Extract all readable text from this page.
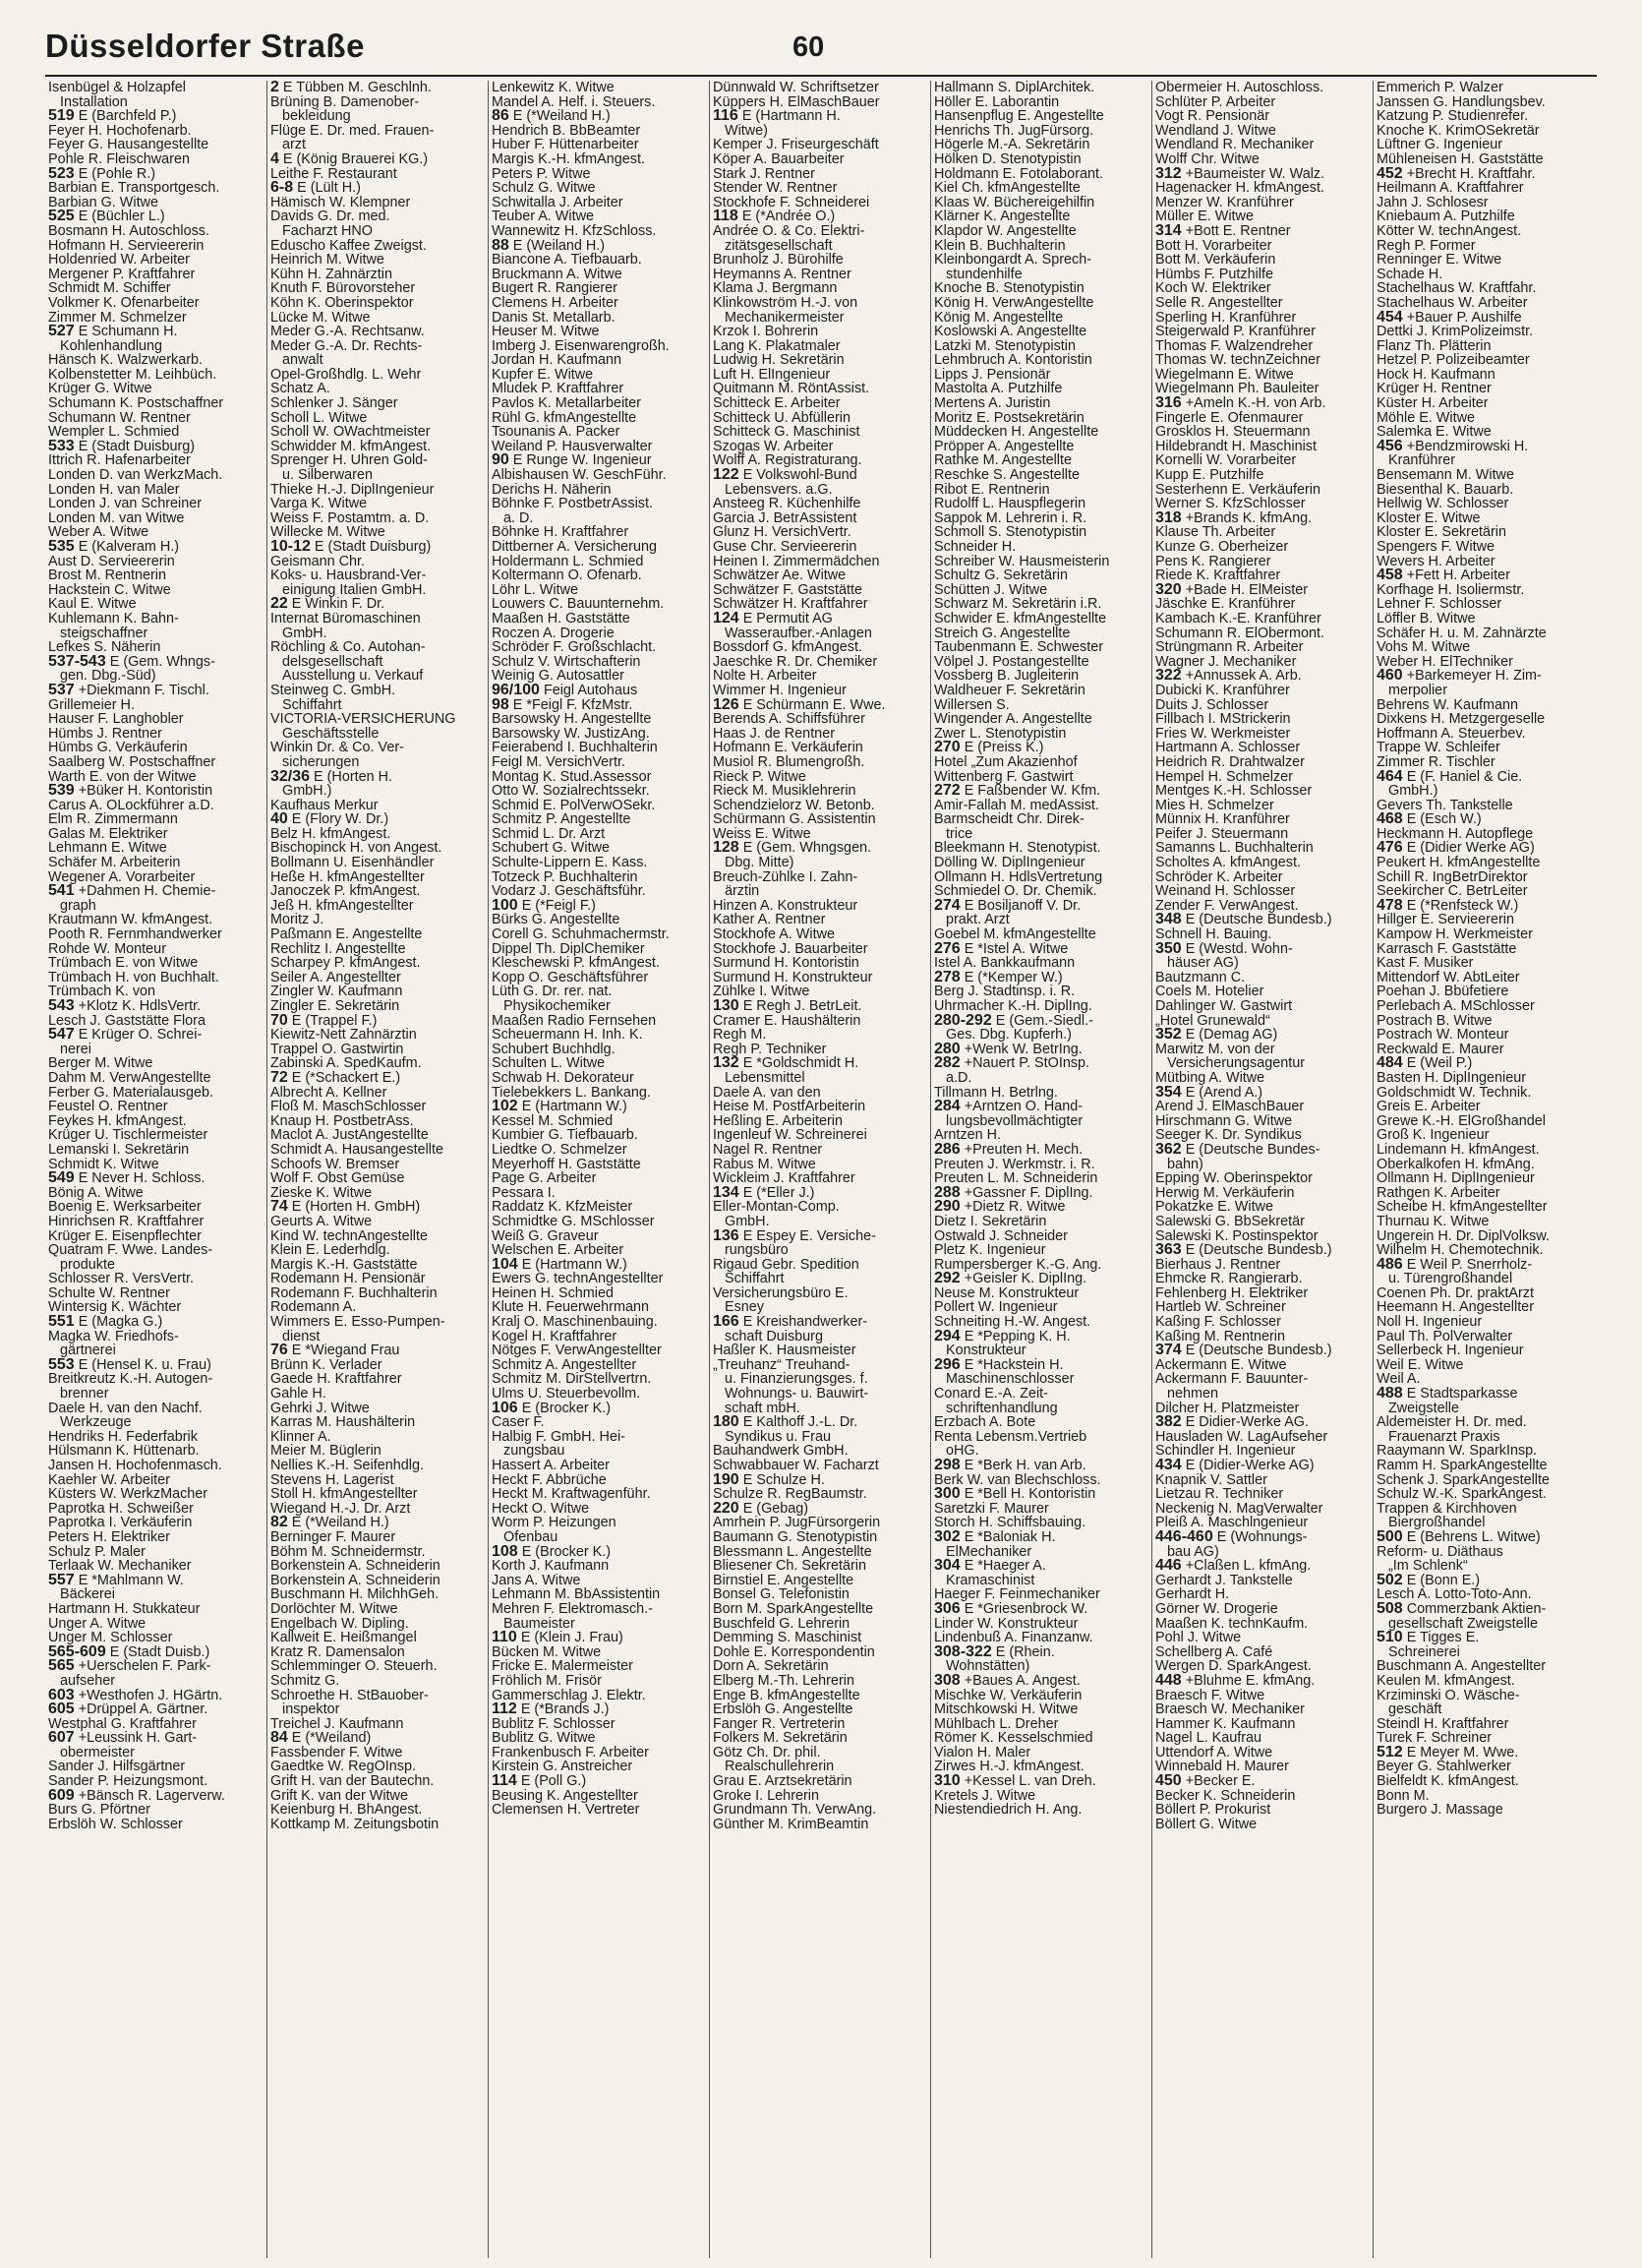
Düsseldorfer Straße	60
Isenbügel & Holzapfel
Installation
519 E (Barchfeld P.)
Feyer H. Hochofenarb.
Feyer G. Hausangestellte
Pohle R. Fleischwaren
523 E (Pohle R.)
Barbian E. Transportgesch.
Barbian G. Witwe
525 E (Büchler L.)
Bosmann H. Autoschloss.
Hofmann H. Servieererin
Holdenried W. Arbeiter
Mergener P. Kraftfahrer
Schmidt M. Schiffer
Volkmer K. Ofenarbeiter
Zimmer M. Schmelzer
527 E Schumann H.
Kohlenhandlung
Hänsch K. Walzwerkarb.
Kolbenstetter M. Leihbüch.
Krüger G. Witwe
Schumann K. Postschaffner
Schumann W. Rentner
Wempler L. Schmied
533 E (Stadt Duisburg)
Ittrich R. Hafenarbeiter
Londen D. van WerkzMach.
Londen H. van Maler
Londen J. van Schreiner
Londen M. van Witwe
Weber A. Witwe
535 E (Kalveram H.)
Aust D. Servieererin
Brost M. Rentnerin
Hackstein C. Witwe
Kaul E. Witwe
Kuhlemann K. Bahn-
steigschaffner
Lefkes S. Näherin
537-543 E (Gem. Whngs-
gen. Dbg.-Süd)
537 +Diekmann F. Tischl.
Grillemeier H.
Hauser F. Langhobler
Hümbs J. Rentner
Hümbs G. Verkäuferin
Saalberg W. Postschaffner
Warth E. von der Witwe
539 +Büker H. Kontoristin
Carus A. OLockführer a.D.
Elm R. Zimmermann
Galas M. Elektriker
Lehmann E. Witwe
Schäfer M. Arbeiterin
Wegener A. Vorarbeiter
541 +Dahmen H. Chemie-
graph
Krautmann W. kfmAngest.
Pooth R. Fernmhandwerker
Rohde W. Monteur
Trümbach E. von Witwe
Trümbach H. von Buchhalt.
Trümbach K. von
543 +Klotz K. HdlsVertr.
Lesch J. Gaststätte Flora
547 E Krüger O. Schrei-
nerei
Berger M. Witwe
Dahm M. VerwAngestellte
Ferber G. Materialausgeb.
Feustel O. Rentner
Feykes H. kfmAngest.
Krüger U. Tischlermeister
Lemanski I. Sekretärin
Schmidt K. Witwe
549 E Never H. Schloss.
Bönig A. Witwe
Boenig E. Werksarbeiter
Hinrichsen R. Kraftfahrer
Krüger E. Eisenpflechter
Quatram F. Wwe. Landes-
produkte
Schlosser R. VersVertr.
Schulte W. Rentner
Wintersig K. Wächter
551 E (Magka G.)
Magka W. Friedhofs-
gärtnerei
553 E (Hensel K. u. Frau)
Breitkreutz K.-H. Autogen-
brenner
Daele H. van den Nachf.
Werkzeuge
Hendriks H. Federfabrik
Hülsmann K. Hüttenarb.
Jansen H. Hochofenmasch.
Kaehler W. Arbeiter
Küsters W. WerkzMacher
Paprotka H. Schweißer
Paprotka I. Verkäuferin
Peters H. Elektriker
Schulz P. Maler
Terlaak W. Mechaniker
557 E *Mahlmann W.
Bäckerei
Hartmann H. Stukkateur
Unger A. Witwe
Unger M. Schlosser
565-609 E (Stadt Duisb.)
565 +Uerschelen F. Park-
aufseher
603 +Westhofen J. HGärtn.
605 +Drüppel A. Gärtner.
Westphal G. Kraftfahrer
607 +Leussink H. Gart-
obermeister
Sander J. Hilfsgärtner
Sander P. Heizungsmont.
609 +Bänsch R. Lagerverw.
Burs G. Pförtner
Erbslöh W. Schlosser
2 E Tübben M. Geschlnh.
Brüning B. Damenober-
bekleidung
Flüge E. Dr. med. Frauen-
arzt
4 E (König Brauerei KG.)
Leithe F. Restaurant
6-8 E (Lült H.)
Hämisch W. Klempner
Davids G. Dr. med.
Facharzt HNO
Eduscho Kaffee Zweigst.
Heinrich M. Witwe
Kühn H. Zahnärztin
Knuth F. Bürovorsteher
Köhn K. Oberinspektor
Lücke M. Witwe
Meder G.-A. Rechtsanw.
Meder G.-A. Dr. Rechts-
anwalt
Opel-Großhdlg. L. Wehr
Schatz A.
Schlenker J. Sänger
Scholl L. Witwe
Scholl W. OWachtmeister
Schwidder M. kfmAngest.
Sprenger H. Uhren Gold-
u. Silberwaren
Thieke H.-J. DiplIngenieur
Varga K. Witwe
Weiss F. Postamtm. a. D.
Willecke M. Witwe
10-12 E (Stadt Duisburg)
Geismann Chr.
Koks- u. Hausbrand-Ver-
einigung Italien GmbH.
22 E Winkin F. Dr.
Internat Büromaschinen
GmbH.
Röchling & Co. Autohan-
delsgesellschaft
Ausstellung u. Verkauf
Steinweg C. GmbH.
Schiffahrt
VICTORIA-VERSICHERUNG
Geschäftsstelle
Winkin Dr. & Co. Ver-
sicherungen
32/36 E (Horten H.
GmbH.)
Kaufhaus Merkur
40 E (Flory W. Dr.)
Belz H. kfmAngest.
Bischopinck H. von Angest.
Bollmann U. Eisenhändler
Heße H. kfmAngestellter
Janoczek P. kfmAngest.
Jeß H. kfmAngestellter
Moritz J.
Paßmann E. Angestellte
Rechlitz I. Angestellte
Scharpey P. kfmAngest.
Seiler A. Angestellter
Zingler W. Kaufmann
Zingler E. Sekretärin
70 E (Trappel F.)
Kiewitz-Nett Zahnärztin
Trappel O. Gastwirtin
Zabinski A. SpedKaufm.
72 E (*Schackert E.)
Albrecht A. Kellner
Floß M. MaschSchlosser
Knaup H. PostbetrAss.
Maclot A. JustAngestellte
Schmidt A. Hausangestellte
Schoofs W. Bremser
Wolf F. Obst Gemüse
Zieske K. Witwe
74 E (Horten H. GmbH)
Geurts A. Witwe
Kind W. technAngestellte
Klein E. Lederhdlg.
Margis K.-H. Gaststätte
Rodemann H. Pensionär
Rodemann F. Buchhalterin
Rodemann A.
Wimmers E. Esso-Pumpen-
dienst
76 E *Wiegand Frau
Brünn K. Verlader
Gaede H. Kraftfahrer
Gahle H.
Gehrki J. Witwe
Karras M. Haushälterin
Klinner A.
Meier M. Büglerin
Nellies K.-H. Seifenhdlg.
Stevens H. Lagerist
Stoll H. kfmAngestellter
Wiegand H.-J. Dr. Arzt
82 E (*Weiland H.)
Berninger F. Maurer
Böhm M. Schneidermstr.
Borkenstein A. Schneiderin
Borkenstein A. Schneiderin
Buschmann H. MilchhGeh.
Dorlöchter M. Witwe
Engelbach W. Dipling.
Kallweit E. Heißmangel
Kratz R. Damensalon
Schlemminger O. Steuerh.
Schmitz G.
Schroethe H. StBauober-
inspektor
Treichel J. Kaufmann
84 E (*Weiland)
Fassbender F. Witwe
Gaedtke W. RegOInsp.
Grift H. van der Bautechn.
Grift K. van der Witwe
Keienburg H. BhAngest.
Kottkamp M. Zeitungsbotin
Lenkewitz K. Witwe
Mandel A. Helf. i. Steuers.
86 E (*Weiland H.)
Hendrich B. BbBeamter
Huber F. Hüttenarbeiter
Margis K.-H. kfmAngest.
Peters P. Witwe
Schulz G. Witwe
Schwitalla J. Arbeiter
Teuber A. Witwe
Wannewitz H. KfzSchloss.
88 E (Weiland H.)
Biancone A. Tiefbauarb.
Bruckmann A. Witwe
Bugert R. Rangierer
Clemens H. Arbeiter
Danis St. Metallarb.
Heuser M. Witwe
Imberg J. Eisenwarengroßh.
Jordan H. Kaufmann
Kupfer E. Witwe
Mludek P. Kraftfahrer
Pavlos K. Metallarbeiter
Rühl G. kfmAngestellte
Tsounanis A. Packer
Weiland P. Hausverwalter
90 E Runge W. Ingenieur
Albishausen W. GeschFühr.
Derichs H. Näherin
Böhnke F. PostbetrAssist.
a. D.
Böhnke H. Kraftfahrer
Dittberner A. Versicherung
Holdermann L. Schmied
Koltermann O. Ofenarb.
Löhr L. Witwe
Louwers C. Bauunternehm.
Maaßen H. Gaststätte
Roczen A. Drogerie
Schröder F. Großschlacht.
Schulz V. Wirtschafterin
Weinig G. Autosattler
96/100 Feigl Autohaus
98 E *Feigl F. KfzMstr.
Barsowsky H. Angestellte
Barsowsky W. JustizAng.
Feierabend I. Buchhalterin
Feigl M. VersichVertr.
Montag K. Stud.Assessor
Otto W. Sozialrechtssekr.
Schmid E. PolVerwOSekr.
Schmitz P. Angestellte
Schmid L. Dr. Arzt
Schubert G. Witwe
Schulte-Lippern E. Kass.
Totzeck P. Buchhalterin
Vodarz J. Geschäftsführ.
100 E (*Feigl F.)
Bürks G. Angestellte
Corell G. Schuhmachermstr.
Dippel Th. DiplChemiker
Kleschewski P. kfmAngest.
Kopp O. Geschäftsführer
Lüth G. Dr. rer. nat.
Physikochemiker
Maaßen Radio Fernsehen
Scheuermann H. Inh. K.
Schubert Buchhdlg.
Schulten L. Witwe
Schwab H. Dekorateur
Tielebekkers L. Bankang.
102 E (Hartmann W.)
Kessel M. Schmied
Kumbier G. Tiefbauarb.
Liedtke O. Schmelzer
Meyerhoff H. Gaststätte
Page G. Arbeiter
Pessara I.
Raddatz K. KfzMeister
Schmidtke G. MSchlosser
Weiß G. Graveur
Welschen E. Arbeiter
104 E (Hartmann W.)
Ewers G. technAngestellter
Heinen H. Schmied
Klute H. Feuerwehrmann
Kralj O. Maschinenbauing.
Kogel H. Kraftfahrer
Nötges F. VerwAngestellter
Schmitz A. Angestellter
Schmitz M. DirStellvertrn.
Ulms U. Steuerbevollm.
106 E (Brocker K.)
Caser F.
Halbig F. GmbH. Hei-
zungsbau
Hassert A. Arbeiter
Heckt F. Abbrüche
Heckt M. Kraftwagenführ.
Heckt O. Witwe
Worm P. Heizungen
Öfenbau
108 E (Brocker K.)
Korth J. Kaufmann
Jans A. Witwe
Lehmann M. BbAssistentin
Mehren F. Elektromasch.-
Baumeister
110 E (Klein J. Frau)
Bücken M. Witwe
Fricke E. Malermeister
Fröhlich M. Frisör
Gammerschlag J. Elektr.
112 E (*Brands J.)
Bublitz F. Schlosser
Bublitz G. Witwe
Frankenbusch F. Arbeiter
Kirstein G. Anstreicher
114 E (Poll G.)
Beusing K. Angestellter
Clemensen H. Vertreter
Dünnwald W. Schriftsetzer
Küppers H. ElMaschBauer
116 E (Hartmann H.
Witwe)
Kemper J. Friseurgeschäft
Köper A. Bauarbeiter
Stark J. Rentner
Stender W. Rentner
Stockhofe F. Schneiderei
118 E (*Andrée O.)
Andrée O. & Co. Elektri-
zitätsgesellschaft
Brunholz J. Bürohilfe
Heymanns A. Rentner
Klama J. Bergmann
Klinkowström H.-J. von
Mechanikermeister
Krzok I. Bohrerin
Lang K. Plakatmaler
Ludwig H. Sekretärin
Luft H. ElIngenieur
Quitmann M. RöntAssist.
Schitteck E. Arbeiter
Schitteck U. Abfüllerin
Schitteck G. Maschinist
Szogas W. Arbeiter
Wolff A. Registraturang.
122 E Volkswohl-Bund
Lebensvers. a.G.
Ansteeg R. Küchenhilfe
Garcia J. BetrAssistent
Glunz H. VersichVertr.
Guse Chr. Servieererin
Heinen I. Zimmermädchen
Schwätzer Ae. Witwe
Schwätzer F. Gaststätte
Schwätzer H. Kraftfahrer
124 E Permutit AG
Wasseraufber.-Anlagen
Bossdorf G. kfmAngest.
Jaeschke R. Dr. Chemiker
Nolte H. Arbeiter
Wimmer H. Ingenieur
126 E Schürmann E. Wwe.
Berends A. Schiffsführer
Haas J. de Rentner
Hofmann E. Verkäuferin
Musiol R. Blumengroßh.
Rieck P. Witwe
Rieck M. Musiklehrerin
Schendzielorz W. Betonb.
Schürmann G. Assistentin
Weiss E. Witwe
128 E (Gem. Whngsgen.
Dbg. Mitte)
Breuch-Zühlke I. Zahn-
ärztin
Hinzen A. Konstrukteur
Kather A. Rentner
Stockhofe A. Witwe
Stockhofe J. Bauarbeiter
Surmund H. Kontoristin
Surmund H. Konstrukteur
Zühlke I. Witwe
130 E Regh J. BetrLeit.
Cramer E. Haushälterin
Regh M.
Regh P. Techniker
132 E *Goldschmidt H.
Lebensmittel
Daele A. van den
Heise M. PostfArbeiterin
Heßling E. Arbeiterin
Ingenleuf W. Schreinerei
Nagel R. Rentner
Rabus M. Witwe
Wickleim J. Kraftfahrer
134 E (*Eller J.)
Eller-Montan-Comp.
GmbH.
136 E Espey E. Versiche-
rungsbüro
Rigaud Gebr. Spedition
Schiffahrt
Versicherungsbüro E.
Esney
166 E Kreishandwerker-
schaft Duisburg
Haßler K. Hausmeister
„Treuhanz“ Treuhand-
u. Finanzierungsges. f.
Wohnungs- u. Bauwirt-
schaft mbH.
180 E Kalthoff J.-L. Dr.
Syndikus u. Frau
Bauhandwerk GmbH.
Schwabbauer W. Facharzt
190 E Schulze H.
Schulze R. RegBaumstr.
220 E (Gebag)
Amrhein P. JugFürsorgerin
Baumann G. Stenotypistin
Blessmann L. Angestellte
Bliesener Ch. Sekretärin
Birnstiel E. Angestellte
Bonsel G. Telefonistin
Born M. SparkAngestellte
Buschfeld G. Lehrerin
Demming S. Maschinist
Dohle E. Korrespondentin
Dorn A. Sekretärin
Elberg M.-Th. Lehrerin
Enge B. kfmAngestellte
Erbslöh G. Angestellte
Fanger R. Vertreterin
Folkers M. Sekretärin
Götz Ch. Dr. phil.
Realschullehrerin
Grau E. Arztsekretärin
Groke I. Lehrerin
Grundmann Th. VerwAng.
Günther M. KrimBeamtin
Hallmann S. DiplArchitek.
Höller E. Laborantin
Hansenpflug E. Angestellte
Henrichs Th. JugFürsorg.
Högerle M.-A. Sekretärin
Hölken D. Stenotypistin
Holdmann E. Fotolaborant.
Kiel Ch. kfmAngestellte
Klaas W. Büchereigehilfin
Klärner K. Angestellte
Klapdor W. Angestellte
Klein B. Buchhalterin
Kleinbongardt A. Sprech-
stundenhilfe
Knoche B. Stenotypistin
König H. VerwAngestellte
König M. Angestellte
Koslowski A. Angestellte
Latzki M. Stenotypistin
Lehmbruch A. Kontoristin
Lipps J. Pensionär
Mastolta A. Putzhilfe
Mertens A. Juristin
Moritz E. Postsekretärin
Müddecken H. Angestellte
Pröpper A. Angestellte
Rathke M. Angestellte
Reschke S. Angestellte
Ribot E. Rentnerin
Rudolff L. Hauspflegerin
Sappok M. Lehrerin i. R.
Schmoll S. Stenotypistin
Schneider H.
Schreiber W. Hausmeisterin
Schultz G. Sekretärin
Schütten J. Witwe
Schwarz M. Sekretärin i.R.
Schwider E. kfmAngestellte
Streich G. Angestellte
Taubenmann E. Schwester
Völpel J. Postangestellte
Vossberg B. Jugleiterin
Waldheuer F. Sekretärin
Willersen S.
Wingender A. Angestellte
Zwer L. Stenotypistin
270 E (Preiss K.)
Hotel „Zum Akazienhof
Wittenberg F. Gastwirt
272 E Faßbender W. Kfm.
Amir-Fallah M. medAssist.
Barmscheidt Chr. Direk-
trice
Bleekmann H. Stenotypist.
Dölling W. DiplIngenieur
Ollmann H. HdlsVertretung
Schmiedel O. Dr. Chemik.
274 E Bosiljanoff V. Dr.
prakt. Arzt
Goebel M. kfmAngestellte
276 E *Istel A. Witwe
Istel A. Bankkaufmann
278 E (*Kemper W.)
Berg J. Stadtinsp. i. R.
Uhrmacher K.-H. DiplIng.
280-292 E (Gem.-Siedl.-
Ges. Dbg. Kupferh.)
280 +Wenk W. BetrIng.
282 +Nauert P. StOInsp.
a.D.
Tillmann H. Betrlng.
284 +Arntzen O. Hand-
lungsbevollmächtigter
Arntzen H.
286 +Preuten H. Mech.
Preuten J. Werkmstr. i. R.
Preuten L. M. Schneiderin
288 +Gassner F. DiplIng.
290 +Dietz R. Witwe
Dietz I. Sekretärin
Ostwald J. Schneider
Pletz K. Ingenieur
Rumpersberger K.-G. Ang.
292 +Geisler K. DiplIng.
Neuse M. Konstrukteur
Pollert W. Ingenieur
Schneiting H.-W. Angest.
294 E *Pepping K. H.
Konstrukteur
296 E *Hackstein H.
Maschinenschlosser
Conard E.-A. Zeit-
schriftenhandlung
Erzbach A. Bote
Renta Lebensm.Vertrieb
oHG.
298 E *Berk H. van Arb.
Berk W. van Blechschloss.
300 E *Bell H. Kontoristin
Saretzki F. Maurer
Storch H. Schiffsbauing.
302 E *Baloniak H.
ElMechaniker
304 E *Haeger A.
Kramaschinist
Haeger F. Feinmechaniker
306 E *Griesenbrock W.
Linder W. Konstrukteur
Lindenbuß A. Finanzanw.
308-322 E (Rhein.
Wohnstätten)
308 +Baues A. Angest.
Mischke W. Verkäuferin
Mitschkowski H. Witwe
Mühlbach L. Dreher
Römer K. Kesselschmied
Vialon H. Maler
Zirwes H.-J. kfmAngest.
310 +Kessel L. van Dreh.
Kretels J. Witwe
Niestendiedrich H. Ang.
Obermeier H. Autoschloss.
Schlüter P. Arbeiter
Vogt R. Pensionär
Wendland J. Witwe
Wendland R. Mechaniker
Wolff Chr. Witwe
312 +Baumeister W. Walz.
Hagenacker H. kfmAngest.
Menzer W. Kranführer
Müller E. Witwe
314 +Bott E. Rentner
Bott H. Vorarbeiter
Bott M. Verkäuferin
Hümbs F. Putzhilfe
Koch W. Elektriker
Selle R. Angestellter
Sperling H. Kranführer
Steigerwald P. Kranführer
Thomas F. Walzendreher
Thomas W. technZeichner
Wiegelmann E. Witwe
Wiegelmann Ph. Bauleiter
316 +Ameln K.-H. von Arb.
Fingerle E. Ofenmaurer
Grosklos H. Steuermann
Hildebrandt H. Maschinist
Kornelli W. Vorarbeiter
Kupp E. Putzhilfe
Sesterhenn E. Verkäuferin
Werner S. KfzSchlosser
318 +Brands K. kfmAng.
Klause Th. Arbeiter
Kunze G. Oberheizer
Pens K. Rangierer
Riede K. Kraftfahrer
320 +Bade H. ElMeister
Jäschke E. Kranführer
Kambach K.-E. Kranführer
Schumann R. ElObermont.
Strüngmann R. Arbeiter
Wagner J. Mechaniker
322 +Annussek A. Arb.
Dubicki K. Kranführer
Duits J. Schlosser
Fillbach I. MStrickerin
Fries W. Werkmeister
Hartmann A. Schlosser
Heidrich R. Drahtwalzer
Hempel H. Schmelzer
Mentges K.-H. Schlosser
Mies H. Schmelzer
Münnix H. Kranführer
Peifer J. Steuermann
Samanns L. Buchhalterin
Scholtes A. kfmAngest.
Schröder K. Arbeiter
Weinand H. Schlosser
Zender F. VerwAngest.
348 E (Deutsche Bundesb.)
Schnell H. Bauing.
350 E (Westd. Wohn-
häuser AG)
Bautzmann C.
Coels M. Hotelier
Dahlinger W. Gastwirt
„Hotel Grunewald“
352 E (Demag AG)
Marwitz M. von der
Versicherungsagentur
Mütbing A. Witwe
354 E (Arend A.)
Arend J. ElMaschBauer
Hirschmann G. Witwe
Seeger K. Dr. Syndikus
362 E (Deutsche Bundes-
bahn)
Epping W. Oberinspektor
Herwig M. Verkäuferin
Pokatzke E. Witwe
Salewski G. BbSekretär
Salewski K. Postinspektor
363 E (Deutsche Bundesb.)
Bierhaus J. Rentner
Ehmcke R. Rangierarb.
Fehlenberg H. Elektriker
Hartleb W. Schreiner
Kaßing F. Schlosser
Kaßing M. Rentnerin
374 E (Deutsche Bundesb.)
Ackermann E. Witwe
Ackermann F. Bauunter-
nehmen
Dilcher H. Platzmeister
382 E Didier-Werke AG.
Hausladen W. LagAufseher
Schindler H. Ingenieur
434 E (Didier-Werke AG)
Knapnik V. Sattler
Lietzau R. Techniker
Neckenig N. MagVerwalter
Pleiß A. Maschlngenieur
446-460 E (Wohnungs-
bau AG)
446 +Claßen L. kfmAng.
Gerhardt J. Tankstelle
Gerhardt H.
Görner W. Drogerie
Maaßen K. technKaufm.
Pohl J. Witwe
Schellberg A. Café
Wergen D. SparkAngest.
448 +Bluhme E. kfmAng.
Braesch F. Witwe
Braesch W. Mechaniker
Hammer K. Kaufmann
Nagel L. Kaufrau
Uttendorf A. Witwe
Winnebald H. Maurer
450 +Becker E.
Becker K. Schneiderin
Böllert P. Prokurist
Böllert G. Witwe
Emmerich P. Walzer
Janssen G. Handlungsbev.
Katzung P. Studienrefer.
Knoche K. KrimOSekretär
Lüftner G. Ingenieur
Mühleneisen H. Gaststätte
452 +Brecht H. Kraftfahr.
Heilmann A. Kraftfahrer
Jahn J. Schlosesr
Kniebaum A. Putzhilfe
Kötter W. technAngest.
Regh P. Former
Renninger E. Witwe
Schade H.
Stachelhaus W. Kraftfahr.
Stachelhaus W. Arbeiter
454 +Bauer P. Aushilfe
Dettki J. KrimPolizeimstr.
Flanz Th. Plätterin
Hetzel P. Polizeibeamter
Hock H. Kaufmann
Krüger H. Rentner
Küster H. Arbeiter
Möhle E. Witwe
Salemka E. Witwe
456 +Bendzmirowski H.
Kranführer
Bensemann M. Witwe
Biesenthal K. Bauarb.
Hellwig W. Schlosser
Kloster E. Witwe
Kloster E. Sekretärin
Spengers F. Witwe
Wevers H. Arbeiter
458 +Fett H. Arbeiter
Korfhage H. Isoliermstr.
Lehner F. Schlosser
Löffler B. Witwe
Schäfer H. u. M. Zahnärzte
Vohs M. Witwe
Weber H. ElTechniker
460 +Barkemeyer H. Zim-
merpolier
Behrens W. Kaufmann
Dixkens H. Metzgergeselle
Hoffmann A. Steuerbev.
Trappe W. Schleifer
Zimmer R. Tischler
464 E (F. Haniel & Cie.
GmbH.)
Gevers Th. Tankstelle
468 E (Esch W.)
Heckmann H. Autopflege
476 E (Didier Werke AG)
Peukert H. kfmAngestellte
Schill R. IngBetrDirektor
Seekircher C. BetrLeiter
478 E (*Renfsteck W.)
Hillger E. Servieererin
Kampow H. Werkmeister
Karrasch F. Gaststätte
Kast F. Musiker
Mittendorf W. AbtLeiter
Poehan J. Bbüfetiere
Perlebach A. MSchlosser
Postrach B. Witwe
Postrach W. Monteur
Reckwald E. Maurer
484 E (Weil P.)
Basten H. DiplIngenieur
Goldschmidt W. Technik.
Greis E. Arbeiter
Grewe K.-H. ElGroßhandel
Groß K. Ingenieur
Lindemann H. kfmAngest.
Oberkalkofen H. kfmAng.
Ollmann H. DiplIngenieur
Rathgen K. Arbeiter
Scheibe H. kfmAngestellter
Thurnau K. Witwe
Ungerein H. Dr. DiplVolksw.
Wilhelm H. Chemotechnik.
486 E Weil P. Snerrholz-
u. Türengroßhandel
Coenen Ph. Dr. praktArzt
Heemann H. Angestellter
Noll H. Ingenieur
Paul Th. PolVerwalter
Sellerbeck H. Ingenieur
Weil E. Witwe
Weil A.
488 E Stadtsparkasse
Zweigstelle
Aldemeister H. Dr. med.
Frauenarzt Praxis
Raaymann W. SparkInsp.
Ramm H. SparkAngestellte
Schenk J. SparkAngestellte
Schulz W.-K. SparkAngest.
Trappen & Kirchhoven
Biergroßhandel
500 E (Behrens L. Witwe)
Reform- u. Diäthaus
„Im Schlenk“
502 E (Bonn E.)
Lesch A. Lotto-Toto-Ann.
508 Commerzbank Aktien-
gesellschaft Zweigstelle
510 E Tigges E.
Schreinerei
Buschmann A. Angestellter
Keulen M. kfmAngest.
Krziminski O. Wäsche-
geschäft
Steindl H. Kraftfahrer
Turek F. Schreiner
512 E Meyer M. Wwe.
Beyer G. Stahlwerker
Bielfeldt K. kfmAngest.
Bonn M.
Burgero J. Massage
